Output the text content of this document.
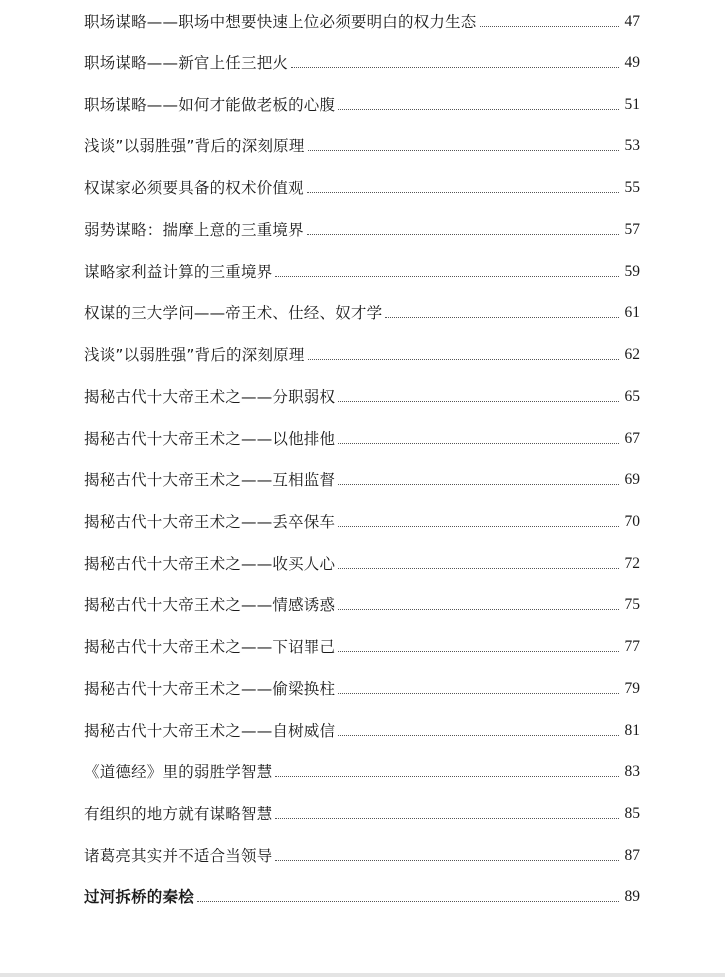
职场谋略——职场中想要快速上位必须要明白的权力生态	47
职场谋略——新官上任三把火	49
职场谋略——如何才能做老板的心腹	51
浅谈”以弱胜强”背后的深刻原理	53
权谋家必须要具备的权术价值观	55
弱势谋略：揣摩上意的三重境界	57
谋略家利益计算的三重境界	59
权谋的三大学问——帝王术、仕经、奴才学	61
浅谈”以弱胜强”背后的深刻原理	62
揭秘古代十大帝王术之——分职弱权	65
揭秘古代十大帝王术之——以他排他	67
揭秘古代十大帝王术之——互相监督	69
揭秘古代十大帝王术之——丢卒保车	70
揭秘古代十大帝王术之——收买人心	72
揭秘古代十大帝王术之——情感诱惑	75
揭秘古代十大帝王术之——下诏罪己	77
揭秘古代十大帝王术之——偷梁换柱	79
揭秘古代十大帝王术之——自树威信	81
《道德经》里的弱胜学智慧	83
有组织的地方就有谋略智慧	85
诸葛亮其实并不适合当领导	87
过河拆桥的秦桧	89
